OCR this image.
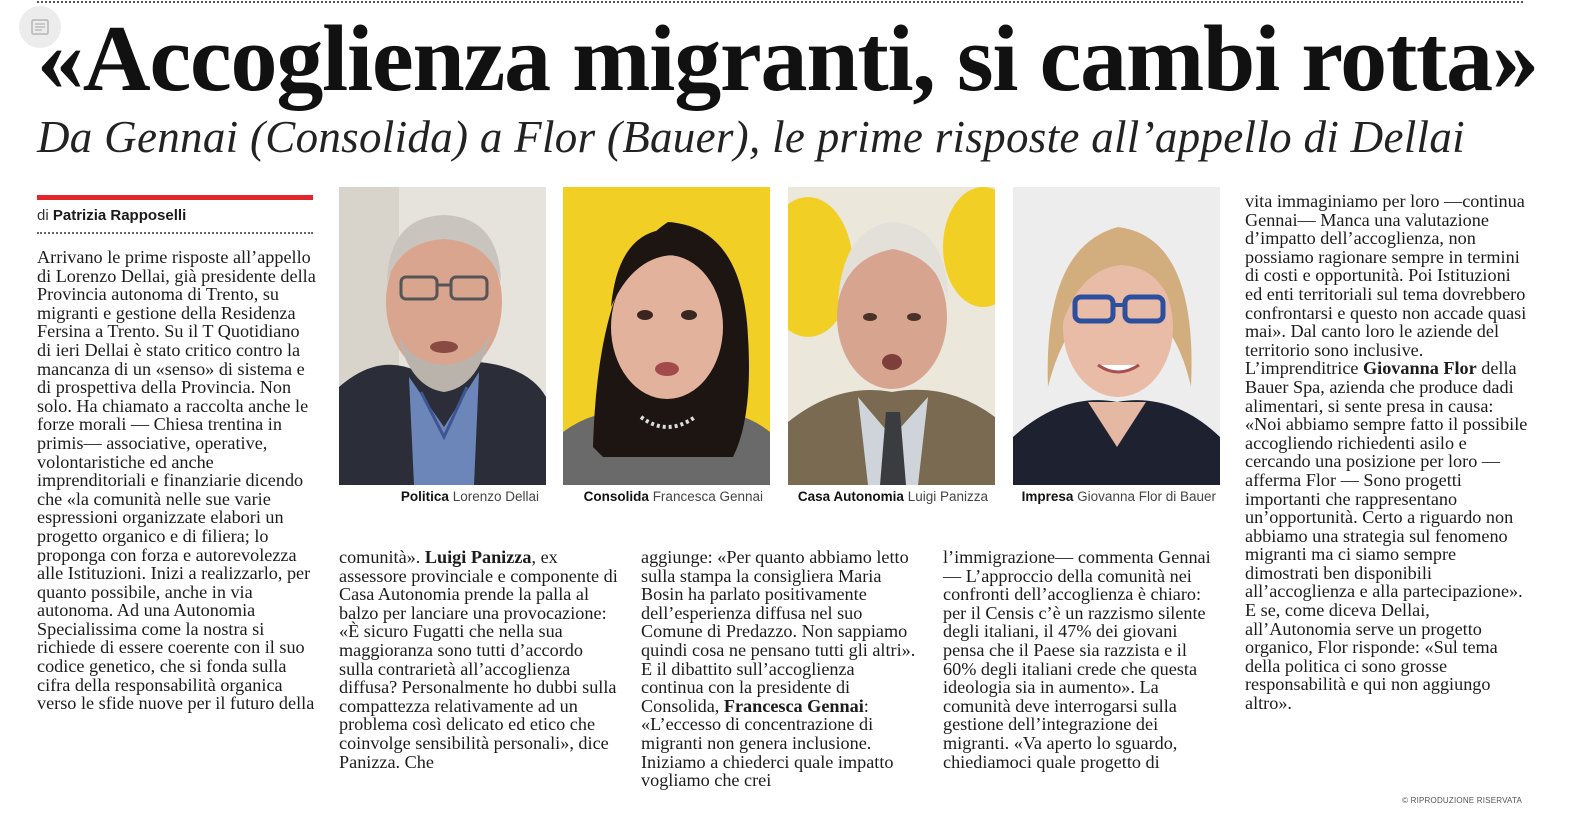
«Accoglienza migranti, si cambi rotta»
Da Gennai (Consolida) a Flor (Bauer), le prime risposte all’appello di Dellai
di Patrizia Rapposelli

Arrivano le prime risposte all’appello di Lorenzo Dellai, già presidente della Provincia autonoma di Trento, su migranti e gestione della Residenza Fersina a Trento. Su il T Quotidiano di ieri Dellai è stato critico contro la mancanza di un «senso» di sistema e di prospettiva della Provincia. Non solo. Ha chiamato a raccolta anche le forze morali — Chiesa trentina in primis— associative, operative, volontaristiche ed anche imprenditoriali e finanziarie dicendo che «la comunità nelle sue varie espressioni organizzate elabori un progetto organico e di filiera; lo proponga con forza e autorevolezza alle Istituzioni. Inizi a realizzarlo, per quanto possibile, anche in via autonoma. Ad una Autonomia Specialissima come la nostra si richiede di essere coerente con il suo codice genetico, che si fonda sulla cifra della responsabilità organica verso le sfide nuove per il futuro della

Politica Lorenzo Dellai	Consolida Francesca Gennai	Casa Autonomia Luigi Panizza	Impresa Giovanna Flor di Bauer

comunità». Luigi Panizza, ex assessore provinciale e componente di Casa Autonomia prende la palla al balzo per lanciare una provocazione: «È sicuro Fugatti che nella sua maggioranza sono tutti d’accordo sulla contrarietà all’accoglienza diffusa? Personalmente ho dubbi sulla compattezza relativamente ad un problema così delicato ed etico che coinvolge sensibilità personali», dice Panizza. Che

aggiunge: «Per quanto abbiamo letto sulla stampa la consigliera Maria Bosin ha parlato positivamente dell’esperienza diffusa nel suo Comune di Predazzo. Non sappiamo quindi cosa ne pensano tutti gli altri». E il dibattito sull’accoglienza continua con la presidente di Consolida, Francesca Gennai: «L’eccesso di concentrazione di migranti non genera inclusione. Iniziamo a chiederci quale impatto vogliamo che crei

l’immigrazione— commenta Gennai— L’approccio della comunità nei confronti dell’accoglienza è chiaro: per il Censis c’è un razzismo silente degli italiani, il 47% dei giovani pensa che il Paese sia razzista e il 60% degli italiani crede che questa ideologia sia in aumento». La comunità deve interrogarsi sulla gestione dell’integrazione dei migranti. «Va aperto lo sguardo, chiediamoci quale progetto di

vita immaginiamo per loro —continua Gennai— Manca una valutazione d’impatto dell’accoglienza, non possiamo ragionare sempre in termini di costi e opportunità. Poi Istituzioni ed enti territoriali sul tema dovrebbero confrontarsi e questo non accade quasi mai». Dal canto loro le aziende del territorio sono inclusive. L’imprenditrice Giovanna Flor della Bauer Spa, azienda che produce dadi alimentari, si sente presa in causa: «Noi abbiamo sempre fatto il possibile accogliendo richiedenti asilo e cercando una posizione per loro — afferma Flor — Sono progetti importanti che rappresentano un’opportunità. Certo a riguardo non abbiamo una strategia sul fenomeno migranti ma ci siamo sempre dimostrati ben disponibili all’accoglienza e alla partecipazione». E se, come diceva Dellai, all’Autonomia serve un progetto organico, Flor risponde: «Sul tema della politica ci sono grosse responsabilità e qui non aggiungo altro».

© RIPRODUZIONE RISERVATA
